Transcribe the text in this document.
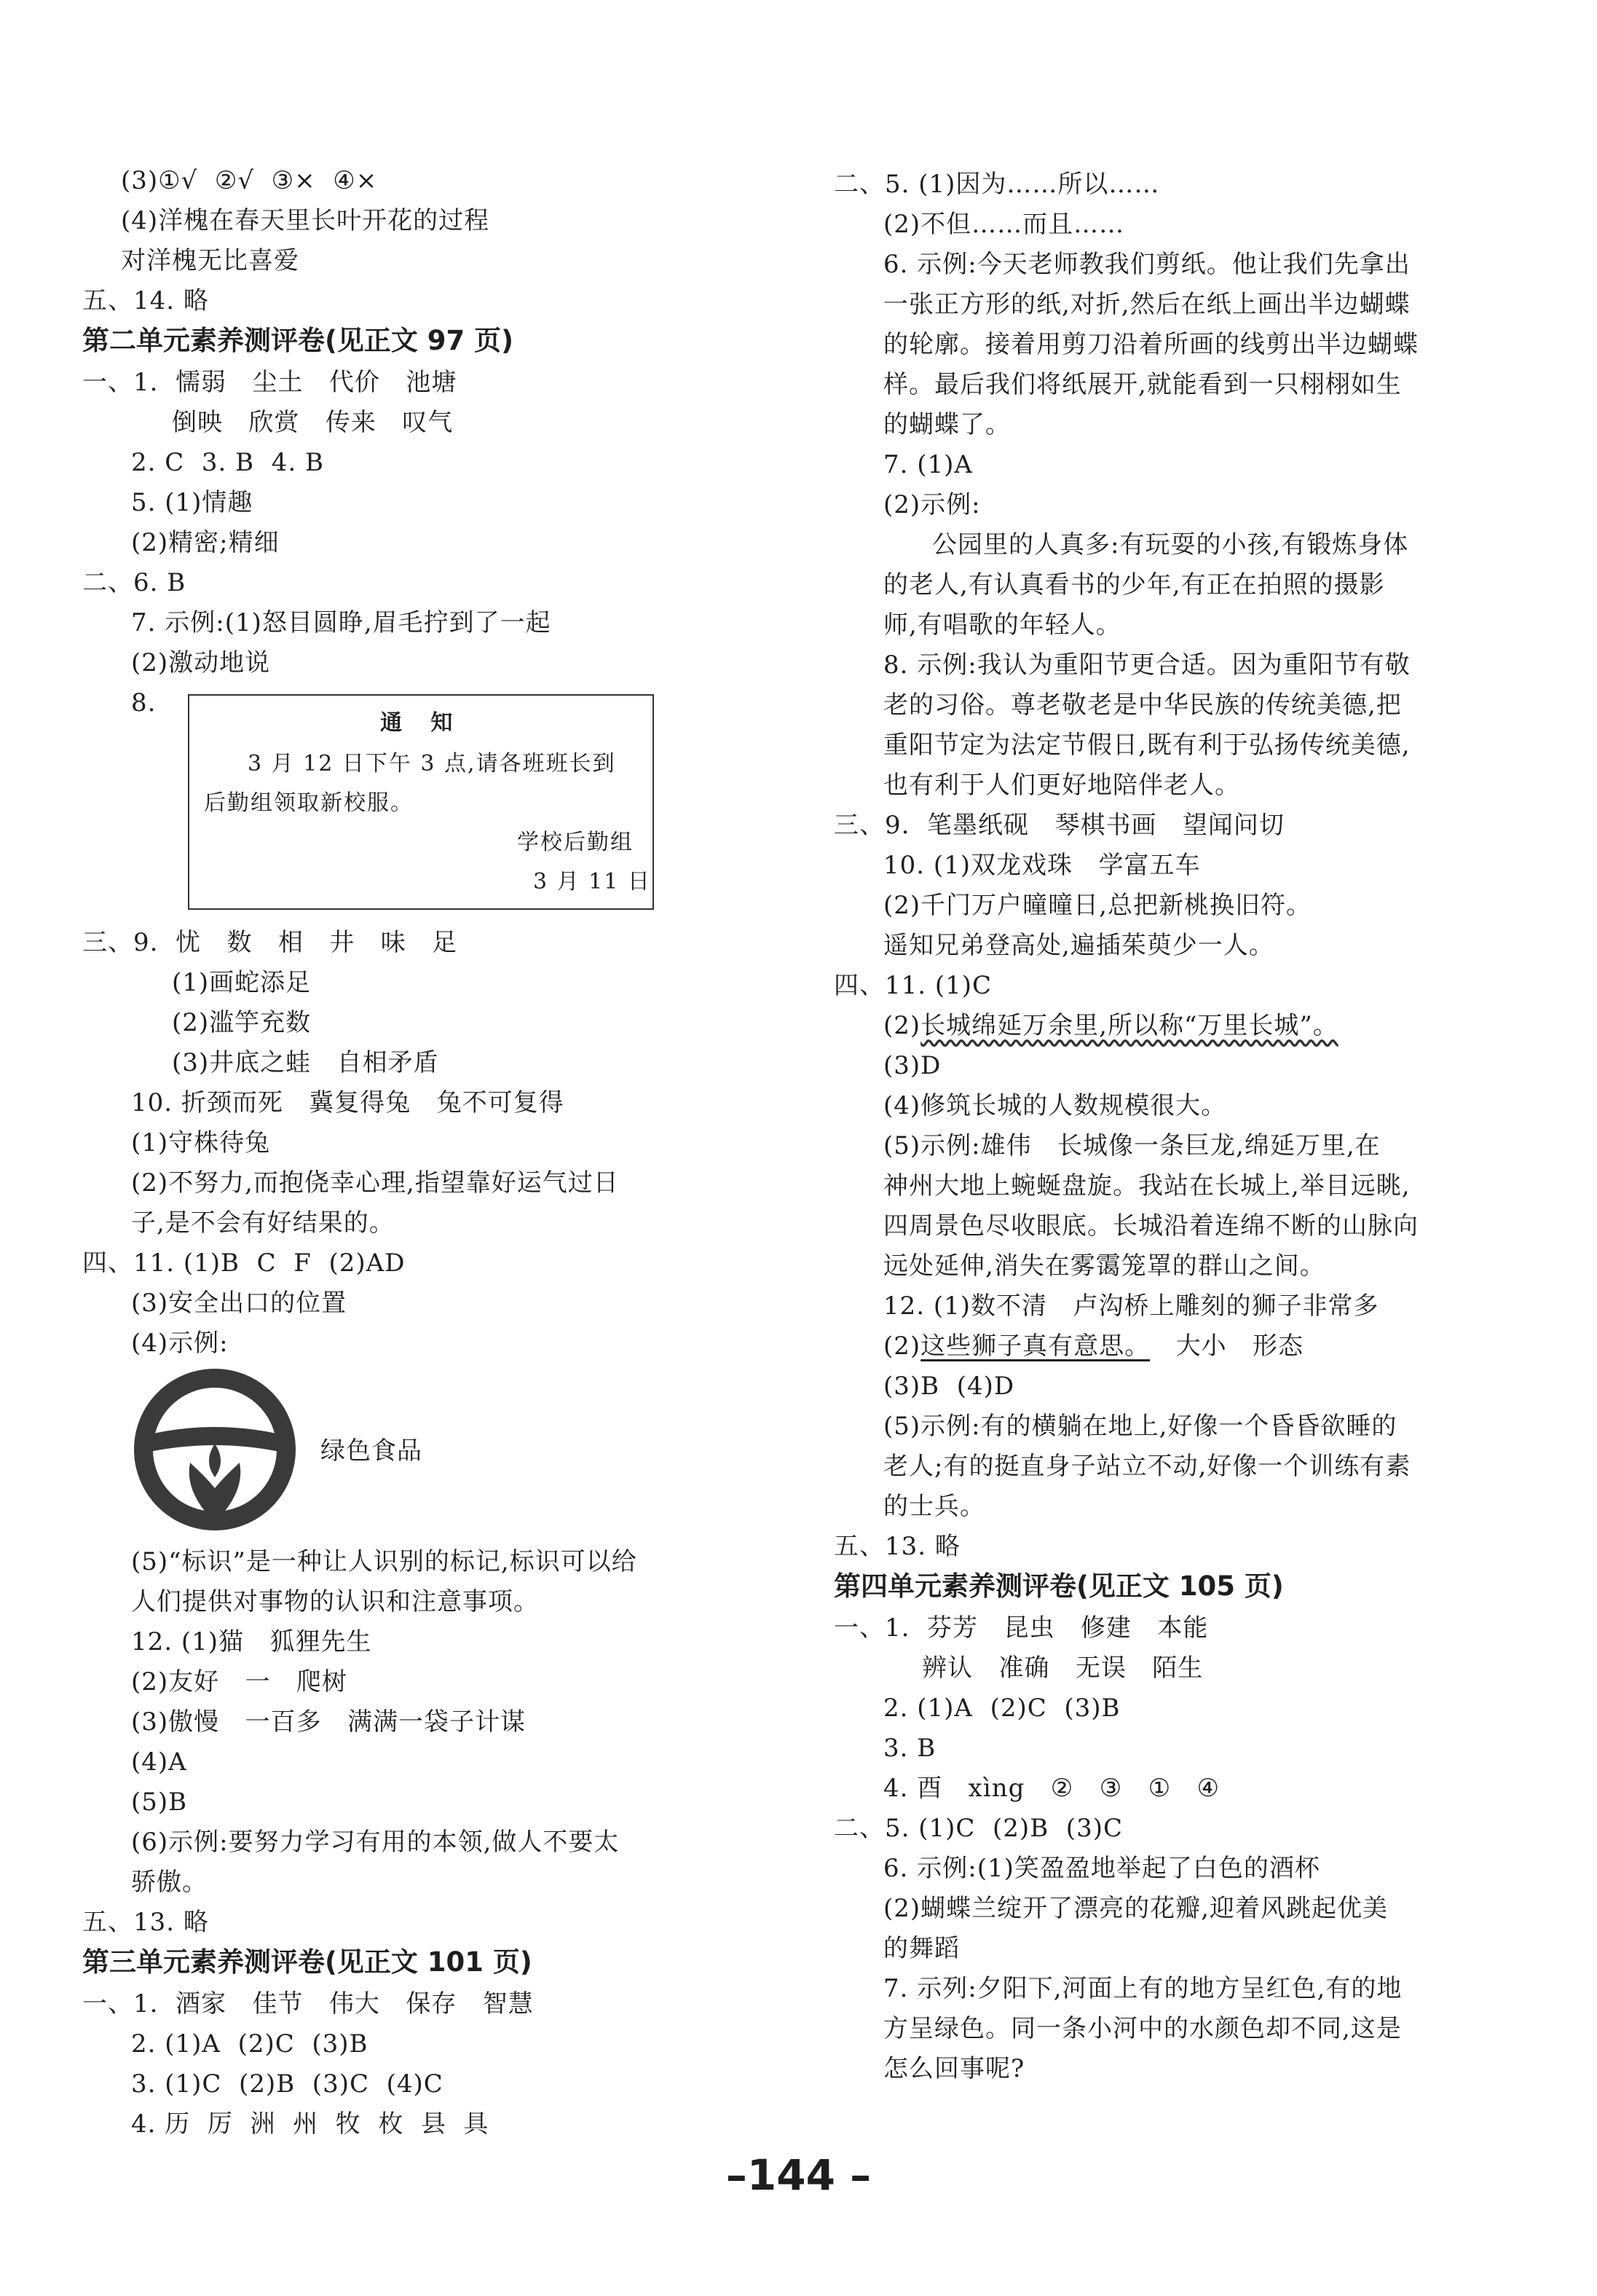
(3)①√  ②√  ③×  ④×
(4)洋槐在春天里长叶开花的过程
对洋槐无比喜爱
五、14. 略
第二单元素养测评卷(见正文 97 页)
一、1.  懦弱   尘土   代价   池塘
倒映   欣赏   传来   叹气
2. C  3. B  4. B
5. (1)情趣
(2)精密;精细
二、6. B
7. 示例:(1)怒目圆睁,眉毛拧到了一起
(2)激动地说
8.
通   知
3 月 12 日下午 3 点,请各班班长到
后勤组领取新校服。
学校后勤组
3 月 11 日
三、9.  忧   数   相   井   味   足
(1)画蛇添足
(2)滥竽充数
(3)井底之蛙   自相矛盾
10. 折颈而死   冀复得兔   兔不可复得
(1)守株待兔
(2)不努力,而抱侥幸心理,指望靠好运气过日
子,是不会有好结果的。
四、11. (1)B  C  F  (2)AD
(3)安全出口的位置
(4)示例:
绿色食品
(5)“标识”是一种让人识别的标记,标识可以给
人们提供对事物的认识和注意事项。
12. (1)猫   狐狸先生
(2)友好   一   爬树
(3)傲慢   一百多   满满一袋子计谋
(4)A
(5)B
(6)示例:要努力学习有用的本领,做人不要太
骄傲。
五、13. 略
第三单元素养测评卷(见正文 101 页)
一、1.  酒家   佳节   伟大   保存   智慧
2. (1)A  (2)C  (3)B
3. (1)C  (2)B  (3)C  (4)C
4. 历  厉  洲  州  牧  枚  县  具
二、5. (1)因为……所以……
(2)不但……而且……
6. 示例:今天老师教我们剪纸。他让我们先拿出
一张正方形的纸,对折,然后在纸上画出半边蝴蝶
的轮廓。接着用剪刀沿着所画的线剪出半边蝴蝶
样。最后我们将纸展开,就能看到一只栩栩如生
的蝴蝶了。
7. (1)A
(2)示例:
公园里的人真多:有玩耍的小孩,有锻炼身体
的老人,有认真看书的少年,有正在拍照的摄影
师,有唱歌的年轻人。
8. 示例:我认为重阳节更合适。因为重阳节有敬
老的习俗。尊老敬老是中华民族的传统美德,把
重阳节定为法定节假日,既有利于弘扬传统美德,
也有利于人们更好地陪伴老人。
三、9.  笔墨纸砚   琴棋书画   望闻问切
10. (1)双龙戏珠   学富五车
(2)千门万户曈曈日,总把新桃换旧符。
遥知兄弟登高处,遍插茱萸少一人。
四、11. (1)C
(2)长城绵延万余里,所以称“万里长城”。
(3)D
(4)修筑长城的人数规模很大。
(5)示例:雄伟   长城像一条巨龙,绵延万里,在
神州大地上蜿蜒盘旋。我站在长城上,举目远眺,
四周景色尽收眼底。长城沿着连绵不断的山脉向
远处延伸,消失在雾霭笼罩的群山之间。
12. (1)数不清   卢沟桥上雕刻的狮子非常多
(2)这些狮子真有意思。   大小   形态
(3)B  (4)D
(5)示例:有的横躺在地上,好像一个昏昏欲睡的
老人;有的挺直身子站立不动,好像一个训练有素
的士兵。
五、13. 略
第四单元素养测评卷(见正文 105 页)
一、1.  芬芳   昆虫   修建   本能
辨认   准确   无误   陌生
2. (1)A  (2)C  (3)B
3. B
4. 酉   xìng   ②   ③   ①   ④
二、5. (1)C  (2)B  (3)C
6. 示例:(1)笑盈盈地举起了白色的酒杯
(2)蝴蝶兰绽开了漂亮的花瓣,迎着风跳起优美
的舞蹈
7. 示列:夕阳下,河面上有的地方呈红色,有的地
方呈绿色。同一条小河中的水颜色却不同,这是
怎么回事呢?
–144 –
